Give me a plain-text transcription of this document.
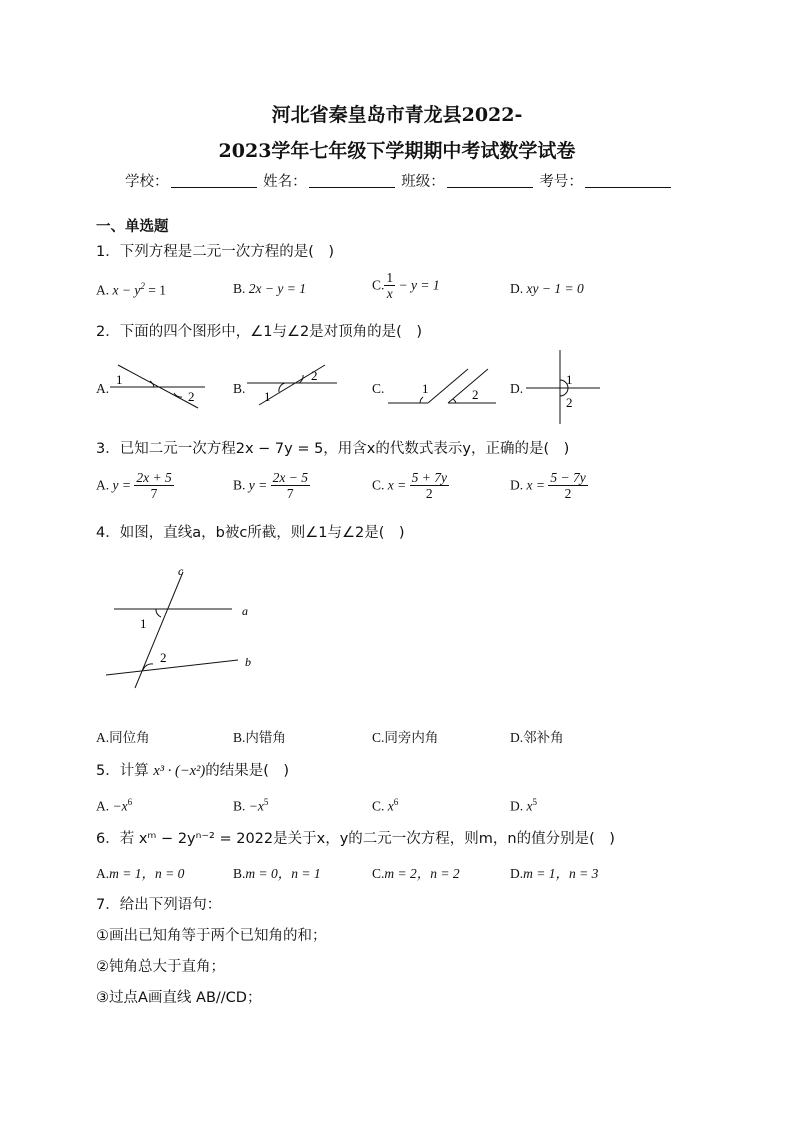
河北省秦皇岛市青龙县2022-
2023学年七年级下学期期中考试数学试卷
学校：	姓名：	班级：	考号：
一、单选题
1．下列方程是二元一次方程的是(　)
A. $x - y^2 = 1$	B. 2x − y = 1	C. $\frac{1}{x} - y = 1$	D. xy − 1 = 0
2．下面的四个图形中，∠1与∠2是对顶角的是(　)
A.
1
2
B.
2
1
C.	1	2 D.
1
2
3．已知二元一次方程2x − 7y = 5，用含x的代数式表示y，正确的是(　)
A. $y = \frac{2x + 5}{7}$	B. $y = \frac{2x - 5}{7}$	C. $x = \frac{5 + 7y}{2}$	D. $x = \frac{5 - 7y}{2}$
4．如图，直线a，b被c所截，则∠1与∠2是(　)
c
a
b
1
2
A.同位角	B.内错角	C.同旁内角	D.邻补角
5．计算 x³ · (−x²)的结果是(　)
A. $-x^6$	B. $-x^5$	C. $x^6$	D. $x^5$
6．若 xᵐ − 2yⁿ⁻² = 2022是关于x，y的二元一次方程，则m，n的值分别是(　)
A.m = 1，n = 0	B.m = 0，n = 1	C.m = 2，n = 2	D.m = 1，n = 3
7．给出下列语句：
①画出已知角等于两个已知角的和；
②钝角总大于直角；
③过点A画直线 AB//CD；
